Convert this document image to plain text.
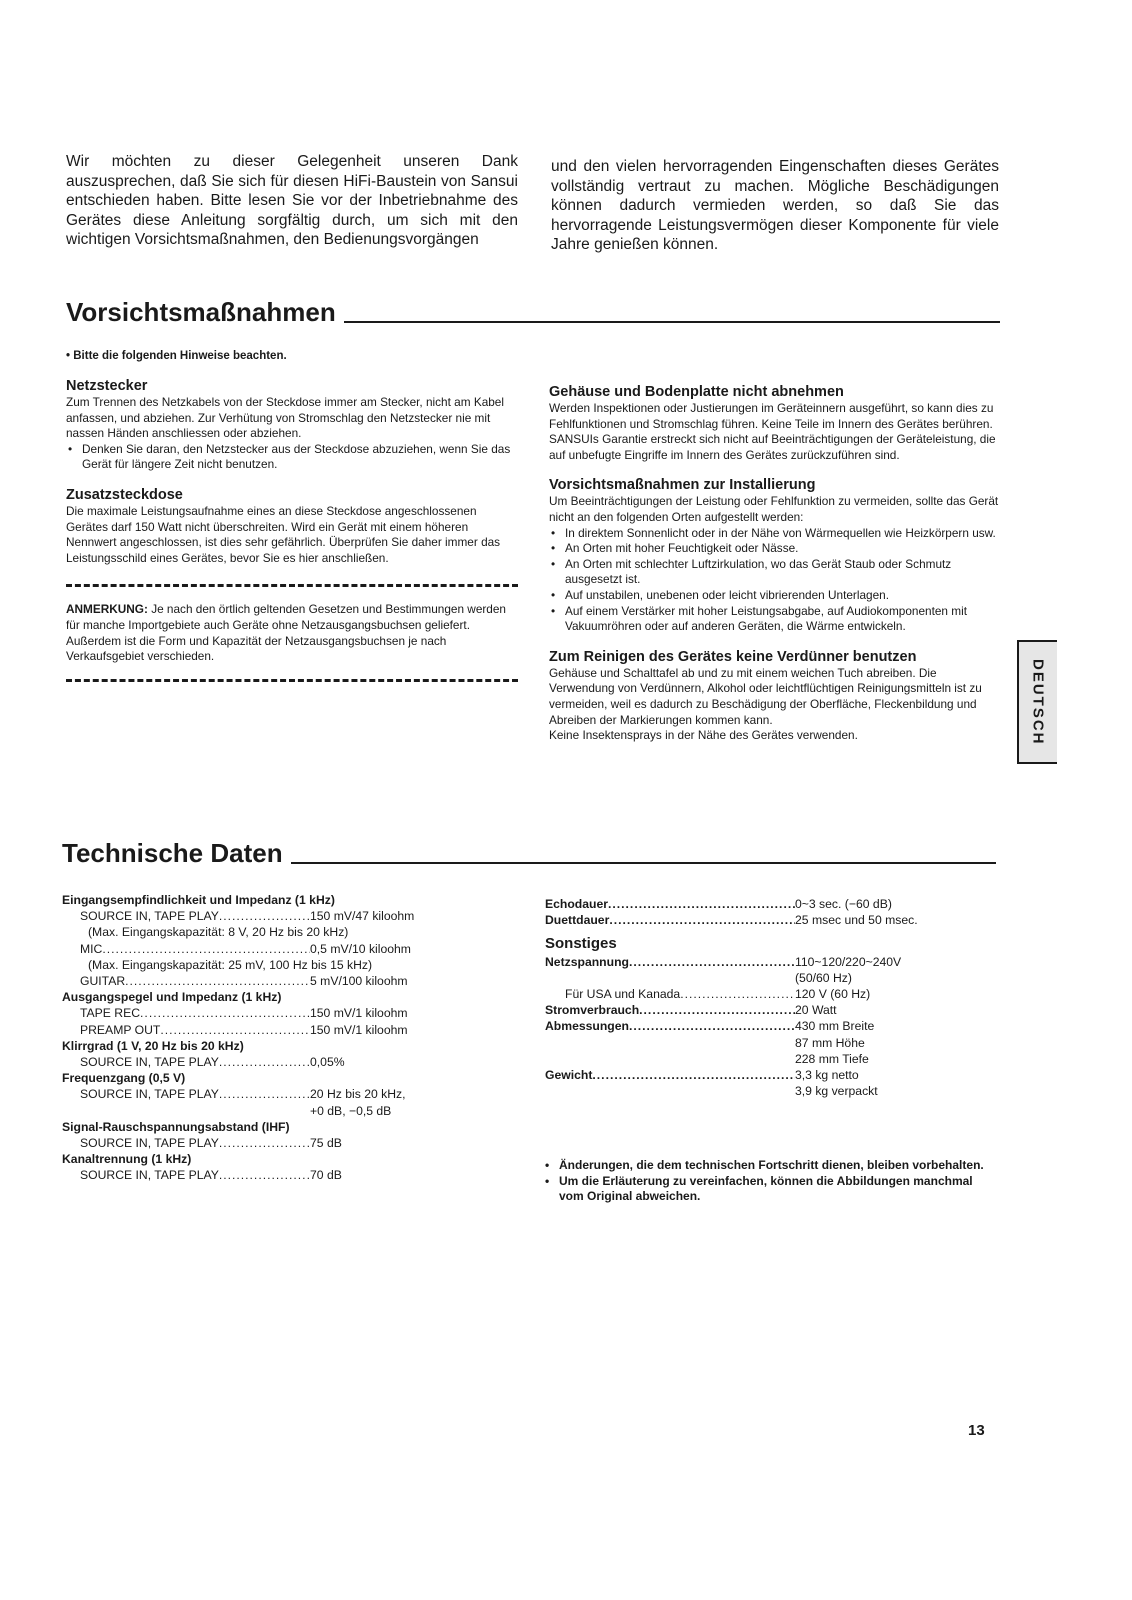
Wir möchten zu dieser Gelegenheit unseren Dank auszusprechen, daß Sie sich für diesen HiFi-Baustein von Sansui entschieden haben. Bitte lesen Sie vor der Inbetriebnahme des Gerätes diese Anleitung sorgfältig durch, um sich mit den wichtigen Vorsichtsmaßnahmen, den Bedienungsvorgängen

und den vielen hervorragenden Eingenschaften dieses Gerätes vollständig vertraut zu machen. Mögliche Beschädigungen können dadurch vermieden werden, so daß Sie das hervorragende Leistungsvermögen dieser Komponente für viele Jahre genießen können.

Vorsichtsmaßnahmen
• Bitte die folgenden Hinweise beachten.

Netzstecker

Zum Trennen des Netzkabels von der Steckdose immer am Stecker, nicht am Kabel anfassen, und abziehen. Zur Verhütung von Stromschlag den Netzstecker nie mit nassen Händen anschliessen oder abziehen.

• Denken Sie daran, den Netzstecker aus der Steckdose abzuziehen, wenn Sie das Gerät für längere Zeit nicht benutzen.

Zusatzsteckdose

Die maximale Leistungsaufnahme eines an diese Steckdose angeschlossenen Gerätes darf 150 Watt nicht überschreiten. Wird ein Gerät mit einem höheren Nennwert angeschlossen, ist dies sehr gefährlich. Überprüfen Sie daher immer das Leistungsschild eines Gerätes, bevor Sie es hier anschließen.

ANMERKUNG: Je nach den örtlich geltenden Gesetzen und Bestimmungen werden für manche Importgebiete auch Geräte ohne Netzausgangsbuchsen geliefert. Außerdem ist die Form und Kapazität der Netzausgangsbuchsen je nach Verkaufsgebiet verschieden.

Gehäuse und Bodenplatte nicht abnehmen

Werden Inspektionen oder Justierungen im Geräteinnern ausgeführt, so kann dies zu Fehlfunktionen und Stromschlag führen. Keine Teile im Innern des Gerätes berühren. SANSUIs Garantie erstreckt sich nicht auf Beeinträchtigungen der Geräteleistung, die auf unbefugte Eingriffe im Innern des Gerätes zurückzuführen sind.

Vorsichtsmaßnahmen zur Installierung

Um Beeinträchtigungen der Leistung oder Fehlfunktion zu vermeiden, sollte das Gerät nicht an den folgenden Orten aufgestellt werden:

• In direktem Sonnenlicht oder in der Nähe von Wärmequellen wie Heizkörpern usw.

• An Orten mit hoher Feuchtigkeit oder Nässe.

• An Orten mit schlechter Luftzirkulation, wo das Gerät Staub oder Schmutz ausgesetzt ist.

• Auf unstabilen, unebenen oder leicht vibrierenden Unterlagen.

• Auf einem Verstärker mit hoher Leistungsabgabe, auf Audiokomponenten mit Vakuumröhren oder auf anderen Geräten, die Wärme entwickeln.

Zum Reinigen des Gerätes keine Verdünner benutzen

Gehäuse und Schalttafel ab und zu mit einem weichen Tuch abreiben. Die Verwendung von Verdünnern, Alkohol oder leichtflüchtigen Reinigungsmitteln ist zu vermeiden, weil es dadurch zu Beschädigung der Oberfläche, Fleckenbildung und Abreiben der Markierungen kommen kann.

Keine Insektensprays in der Nähe des Gerätes verwenden.	DEUTSCH
Technische Daten
Eingangsempfindlichkeit und Impedanz (1 kHz)
SOURCE IN, TAPE PLAY .....	150 mV/47 kiloohm
(Max. Eingangskapazität: 8 V, 20 Hz bis 20 kHz)
MIC .....	0,5 mV/10 kiloohm
(Max. Eingangskapazität: 25 mV, 100 Hz bis 15 kHz)
GUITAR .....	5 mV/100 kiloohm
Ausgangspegel und Impedanz (1 kHz)
TAPE REC .....	150 mV/1 kiloohm
PREAMP OUT .....	150 mV/1 kiloohm
Klirrgrad (1 V, 20 Hz bis 20 kHz)
SOURCE IN, TAPE PLAY .....	0,05%
Frequenzgang (0,5 V)
SOURCE IN, TAPE PLAY .....	20 Hz bis 20 kHz,
+0 dB, −0,5 dB
Signal-Rauschspannungsabstand (IHF)
SOURCE IN, TAPE PLAY .....	75 dB
Kanaltrennung (1 kHz)
SOURCE IN, TAPE PLAY .....	70 dB
Echodauer .....	0~3 sec. (−60 dB)
Duettdauer .....	25 msec und 50 msec.
Sonstiges
Netzspannung .....	110~120/220~240V
(50/60 Hz)
Für USA und Kanada .....	120 V (60 Hz)
Stromverbrauch .....	20 Watt
Abmessungen .....	430 mm Breite
87 mm Höhe
228 mm Tiefe
Gewicht .....	3,3 kg netto
3,9 kg verpackt

• Änderungen, die dem technischen Fortschritt dienen, bleiben vorbehalten.

• Um die Erläuterung zu vereinfachen, können die Abbildungen manchmal vom Original abweichen.

13
